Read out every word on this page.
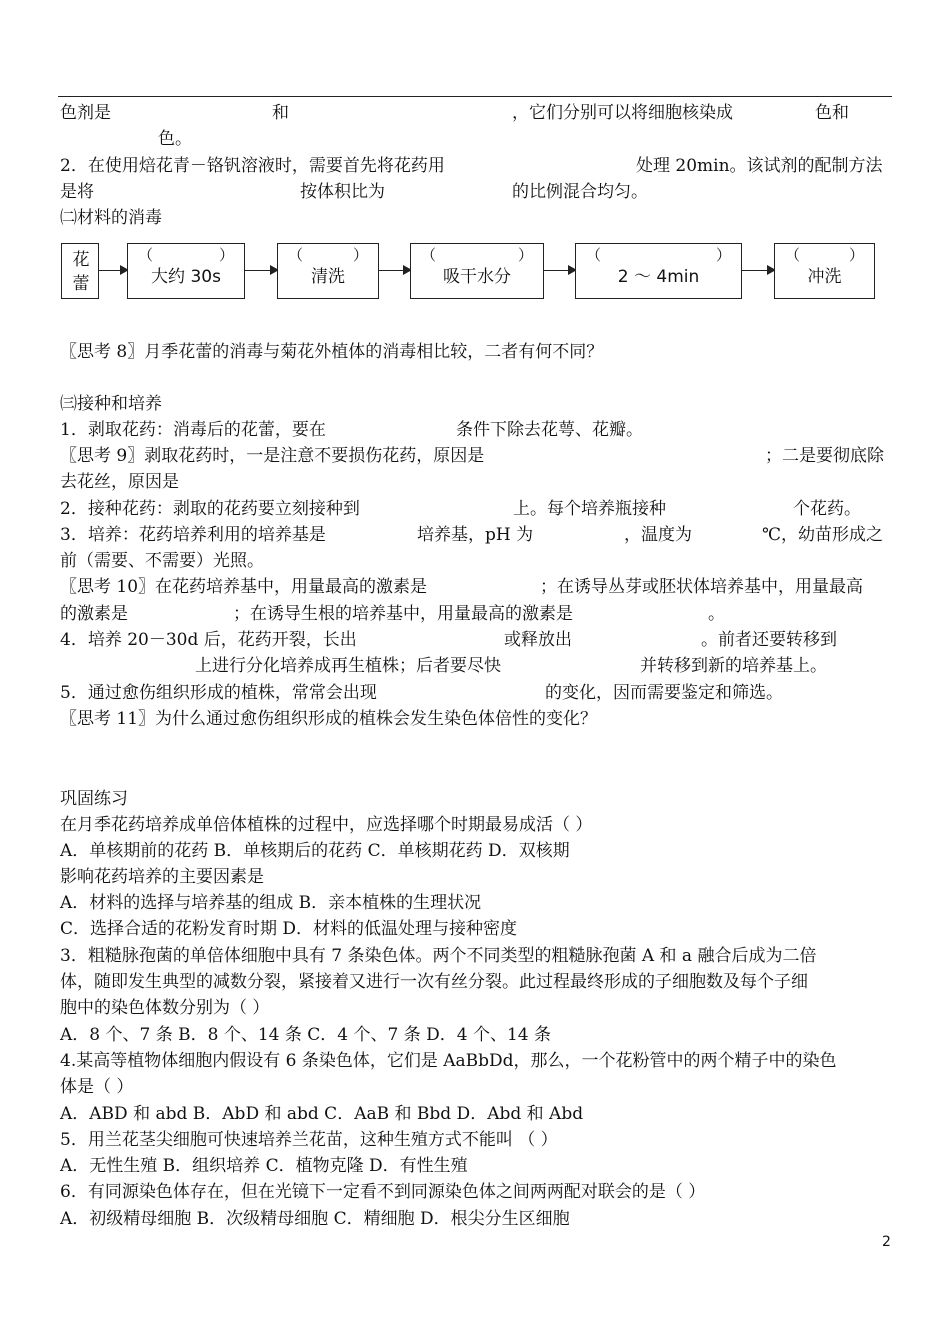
色剂是	和	，它们分别可以将细胞核染成	色和
色。
2．在使用焙花青－铬钒溶液时，需要首先将花药用	处理 20min。该试剂的配制方法
是将	按体积比为	的比例混合均匀。
㈡材料的消毒
花蕾
（	）
大约 30s
（	）
清洗
（	）
吸干水分
（	）
2 ～ 4min
（	）
冲洗
〖思考 8〗月季花蕾的消毒与菊花外植体的消毒相比较，二者有何不同？
㈢接种和培养
1．剥取花药：消毒后的花蕾，要在	条件下除去花萼、花瓣。
〖思考 9〗剥取花药时，一是注意不要损伤花药，原因是	；二是要彻底除
去花丝，原因是
2．接种花药：剥取的花药要立刻接种到	上。每个培养瓶接种	个花药。
3．培养：花药培养利用的培养基是	培养基，pH 为	，温度为	℃，幼苗形成之
前（需要、不需要）光照。
〖思考 10〗在花药培养基中，用量最高的激素是	；在诱导丛芽或胚状体培养基中，用量最高
的激素是	；在诱导生根的培养基中，用量最高的激素是	。
4．培养 20－30d 后，花药开裂，长出	或释放出	。前者还要转移到
上进行分化培养成再生植株；后者要尽快	并转移到新的培养基上。
5．通过愈伤组织形成的植株，常常会出现	的变化，因而需要鉴定和筛选。
〖思考 11〗为什么通过愈伤组织形成的植株会发生染色体倍性的变化？
巩固练习
在月季花药培养成单倍体植株的过程中，应选择哪个时期最易成活（ ）
A．单核期前的花药 B．单核期后的花药 C．单核期花药 D．双核期
影响花药培养的主要因素是
A．材料的选择与培养基的组成 B．亲本植株的生理状况
C．选择合适的花粉发育时期 D．材料的低温处理与接种密度
3．粗糙脉孢菌的单倍体细胞中具有 7 条染色体。两个不同类型的粗糙脉孢菌 A 和 a 融合后成为二倍
体，随即发生典型的减数分裂，紧接着又进行一次有丝分裂。此过程最终形成的子细胞数及每个子细
胞中的染色体数分别为（ ）
A．8 个、7 条 B．8 个、14 条 C．4 个、7 条 D．4 个、14 条
4.某高等植物体细胞内假设有 6 条染色体，它们是 AaBbDd，那么，一个花粉管中的两个精子中的染色
体是（ ）
A．ABD 和 abd B．AbD 和 abd C．AaB 和 Bbd D．Abd 和 Abd
5．用兰花茎尖细胞可快速培养兰花苗，这种生殖方式不能叫 （ ）
A．无性生殖 B．组织培养 C．植物克隆 D．有性生殖
6．有同源染色体存在，但在光镜下一定看不到同源染色体之间两两配对联会的是（ ）
A．初级精母细胞 B．次级精母细胞 C．精细胞 D．根尖分生区细胞
2
